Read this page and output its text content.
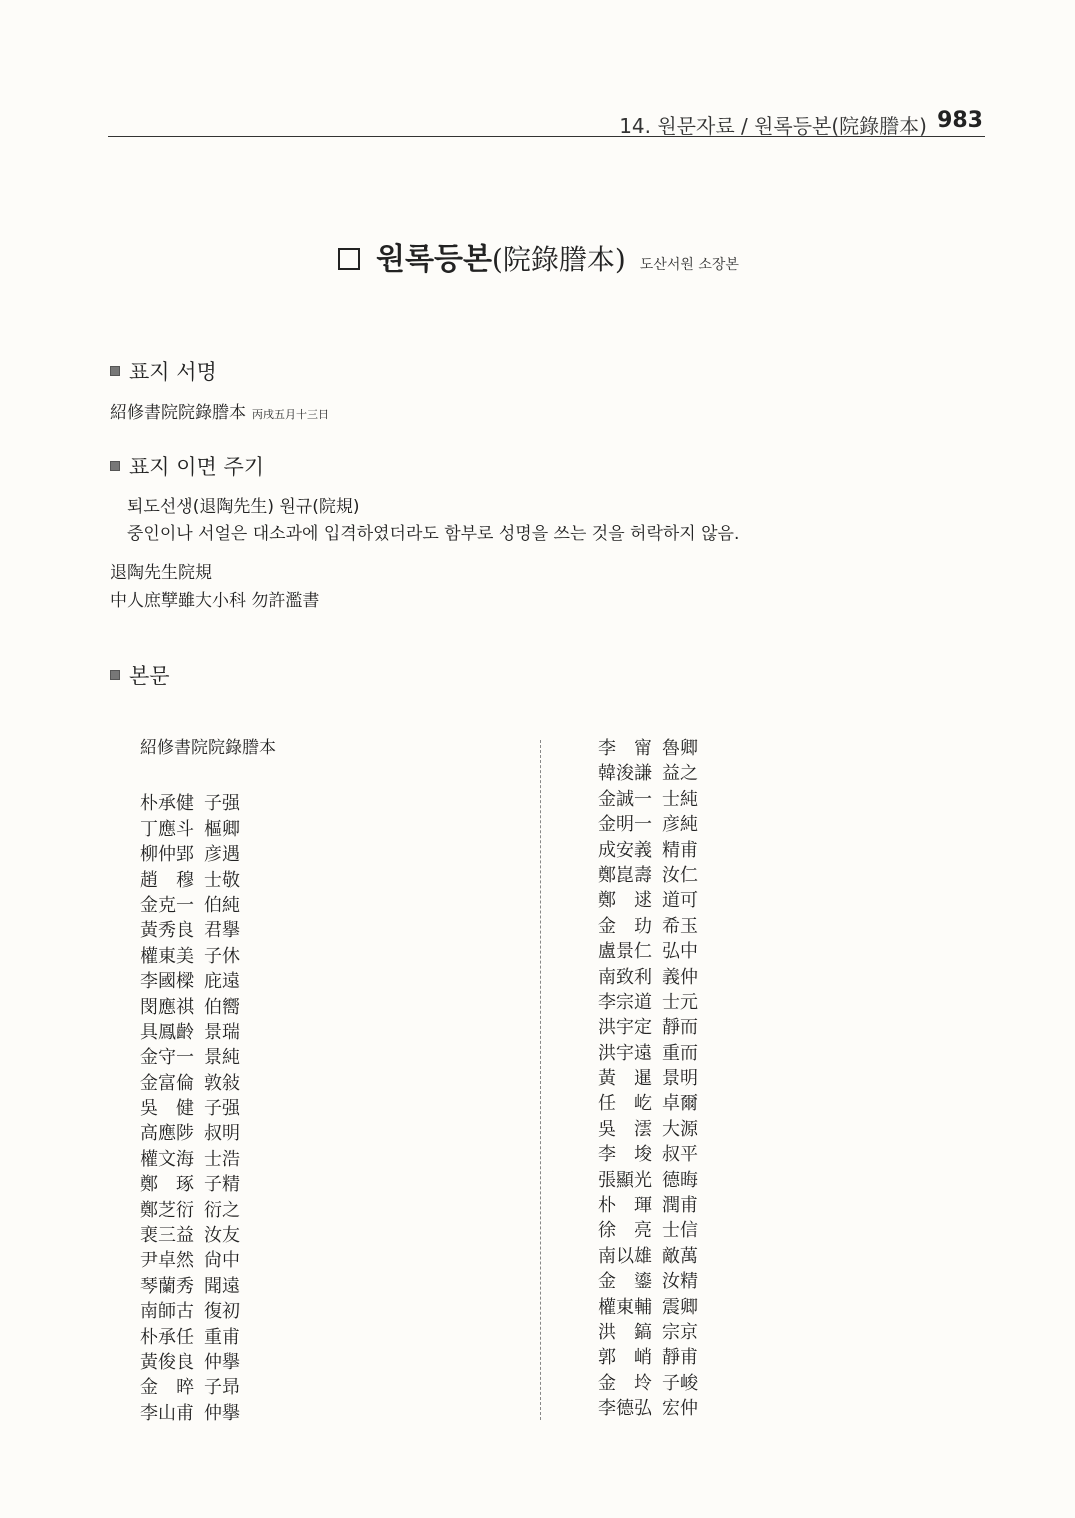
14. 원문자료 / 원록등본(院錄謄本) 983
원록등본(院錄謄本) 도산서원 소장본
표지 서명
紹修書院院錄謄本 丙戌五月十三日
표지 이면 주기
퇴도선생(退陶先生) 원규(院規)
중인이나 서얼은 대소과에 입격하였더라도 함부로 성명을 쓰는 것을 허락하지 않음.
退陶先生院規
中人庶孼雖大小科 勿許濫書
본문
紹修書院院錄謄本
朴承健 子强
丁應斗 樞卿
柳仲郢 彦遇
趙　穆 士敬
金克一 伯純
黃秀良 君擧
權東美 子休
李國樑 庇遠
閔應祺 伯嚮
具鳳齡 景瑞
金守一 景純
金富倫 敦敍
吳　健 子强
高應陟 叔明
權文海 士浩
鄭　琢 子精
鄭芝衍 衍之
裵三益 汝友
尹卓然 尙中
琴蘭秀 聞遠
南師古 復初
朴承任 重甫
黃俊良 仲擧
金　晬 子昻
李山甫 仲擧
李　甯 魯卿
韓浚謙 益之
金誠一 士純
金明一 彦純
成安義 精甫
鄭崑壽 汝仁
鄭　逑 道可
金　玏 希玉
盧景仁 弘中
南致利 義仲
李宗道 士元
洪宇定 靜而
洪宇遠 重而
黃　暹 景明
任　屹 卓爾
吳　澐 大源
李　埈 叔平
張顯光 德晦
朴　琿 潤甫
徐　亮 士信
南以雄 敵萬
金　鎏 汝精
權東輔 震卿
洪　鎬 宗京
郭　峭 靜甫
金　坽 子峻
李德弘 宏仲
